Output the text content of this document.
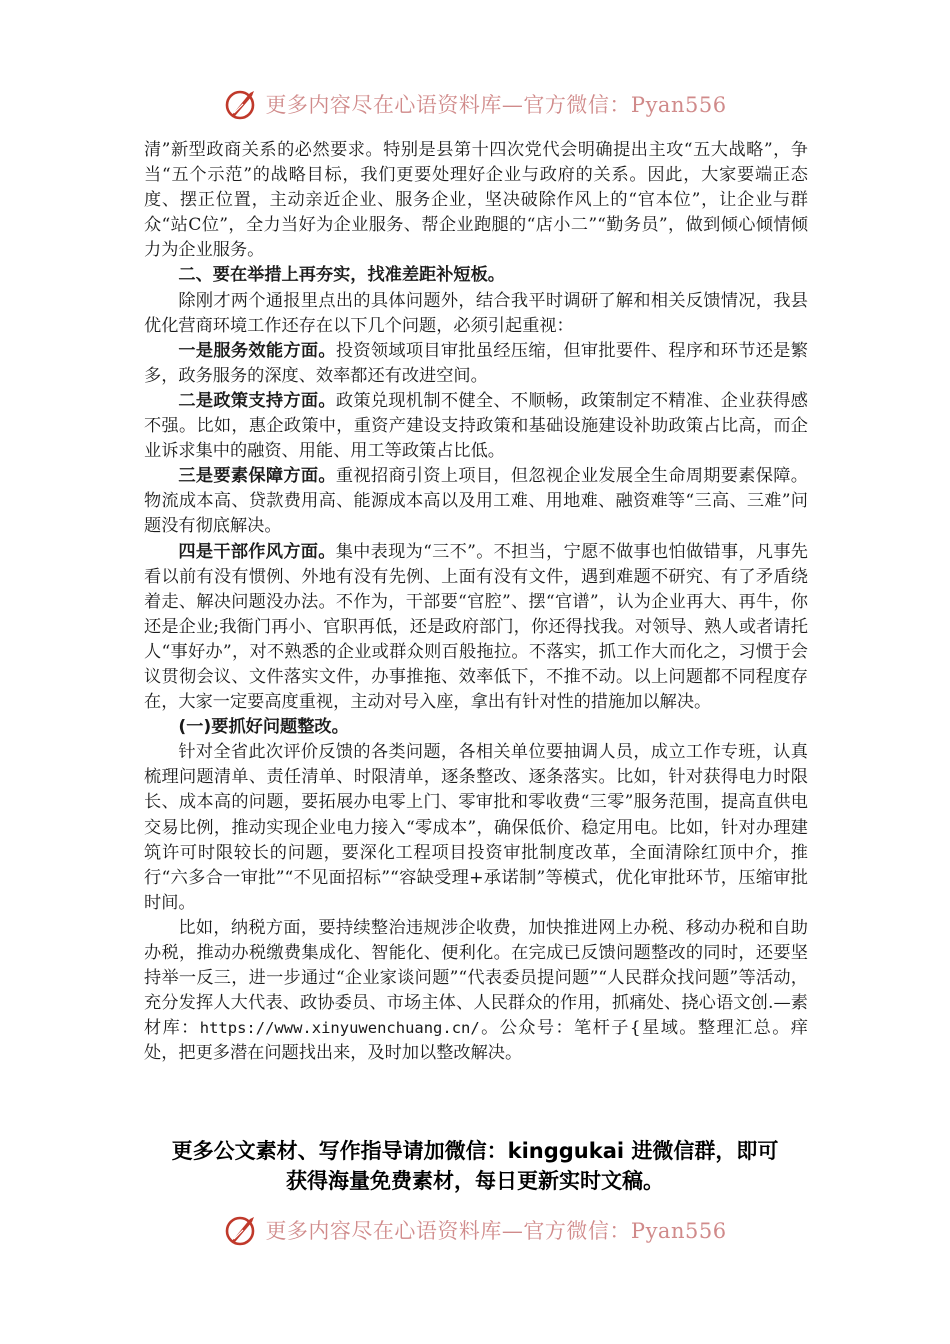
更多内容尽在心语资料库—官方微信：Pyan556

清”新型政商关系的必然要求。特别是县第十四次党代会明确提出主攻“五大战略”，争当“五个示范”的战略目标，我们更要处理好企业与政府的关系。因此，大家要端正态度、摆正位置，主动亲近企业、服务企业，坚决破除作风上的“官本位”，让企业与群众“站C位”，全力当好为企业服务、帮企业跑腿的“店小二”“勤务员”，做到倾心倾情倾力为企业服务。

二、要在举措上再夯实，找准差距补短板。

除刚才两个通报里点出的具体问题外，结合我平时调研了解和相关反馈情况，我县优化营商环境工作还存在以下几个问题，必须引起重视：

一是服务效能方面。投资领域项目审批虽经压缩，但审批要件、程序和环节还是繁多，政务服务的深度、效率都还有改进空间。

二是政策支持方面。政策兑现机制不健全、不顺畅，政策制定不精准、企业获得感不强。比如，惠企政策中，重资产建设支持政策和基础设施建设补助政策占比高，而企业诉求集中的融资、用能、用工等政策占比低。

三是要素保障方面。重视招商引资上项目，但忽视企业发展全生命周期要素保障。物流成本高、贷款费用高、能源成本高以及用工难、用地难、融资难等“三高、三难”问题没有彻底解决。

四是干部作风方面。集中表现为“三不”。不担当，宁愿不做事也怕做错事，凡事先看以前有没有惯例、外地有没有先例、上面有没有文件，遇到难题不研究、有了矛盾绕着走、解决问题没办法。不作为，干部要“官腔”、摆“官谱”，认为企业再大、再牛，你还是企业;我衙门再小、官职再低，还是政府部门，你还得找我。对领导、熟人或者请托人“事好办”，对不熟悉的企业或群众则百般拖拉。不落实，抓工作大而化之，习惯于会议贯彻会议、文件落实文件，办事推拖、效率低下，不推不动。以上问题都不同程度存在，大家一定要高度重视，主动对号入座，拿出有针对性的措施加以解决。

(一)要抓好问题整改。

针对全省此次评价反馈的各类问题，各相关单位要抽调人员，成立工作专班，认真梳理问题清单、责任清单、时限清单，逐条整改、逐条落实。比如，针对获得电力时限长、成本高的问题，要拓展办电零上门、零审批和零收费“三零”服务范围，提高直供电交易比例，推动实现企业电力接入“零成本”，确保低价、稳定用电。比如，针对办理建筑许可时限较长的问题，要深化工程项目投资审批制度改革，全面清除红顶中介，推行“六多合一审批”“不见面招标”“容缺受理+承诺制”等模式，优化审批环节，压缩审批时间。

比如，纳税方面，要持续整治违规涉企收费，加快推进网上办税、移动办税和自助办税，推动办税缴费集成化、智能化、便利化。在完成已反馈问题整改的同时，还要坚持举一反三，进一步通过“企业家谈问题”“代表委员提问题”“人民群众找问题”等活动，充分发挥人大代表、政协委员、市场主体、人民群众的作用，抓痛处、挠心语文创.—素材库：https://www.xinyuwenchuang.cn/。公众号：笔杆子{星域。整理汇总。痒处，把更多潜在问题找出来，及时加以整改解决。

更多公文素材、写作指导请加微信：kinggukai 进微信群，即可
获得海量免费素材，每日更新实时文稿。
更多内容尽在心语资料库—官方微信：Pyan556
